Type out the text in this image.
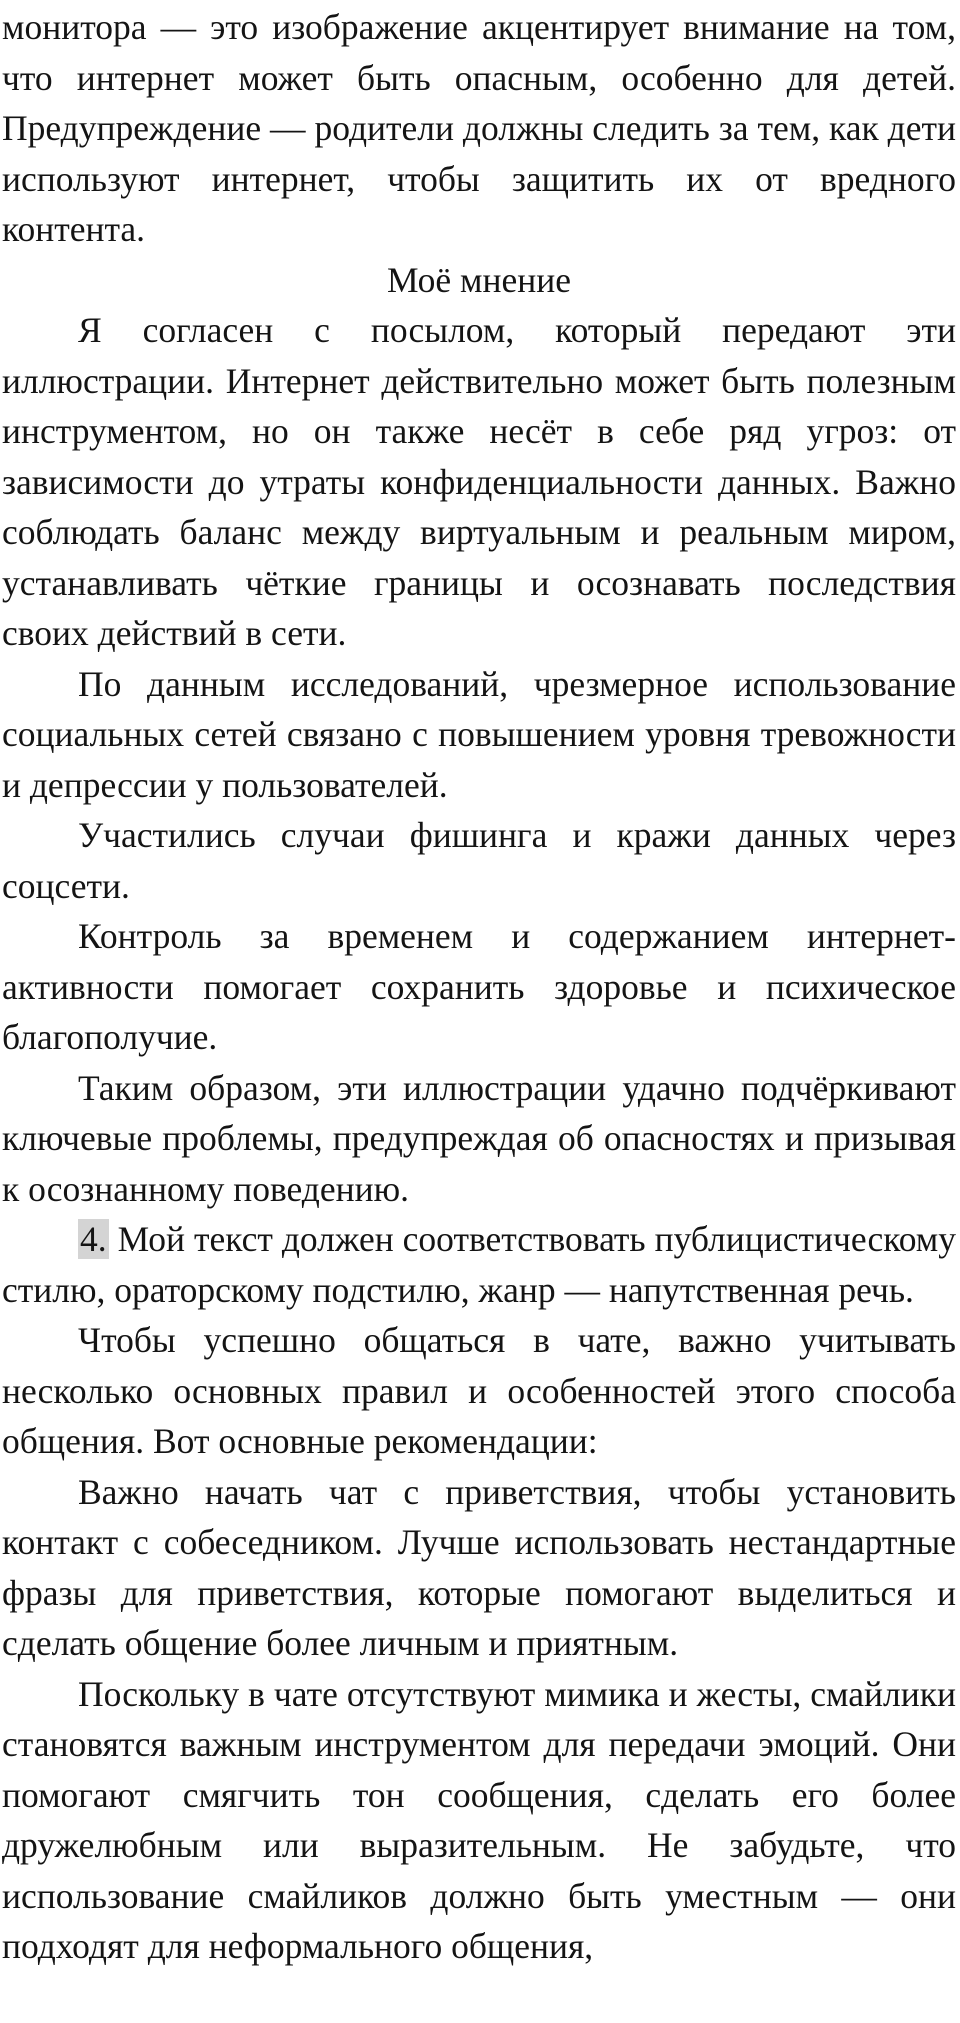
монитора — это изображение акцентирует внимание на том, что интернет может быть опасным, особенно для детей. Предупреждение — родители должны следить за тем, как дети используют интернет, чтобы защитить их от вредного контента.

Моё мнение

Я согласен с посылом, который передают эти иллюстрации. Интернет действительно может быть полезным инструментом, но он также несёт в себе ряд угроз: от зависимости до утраты конфиденциальности данных. Важно соблюдать баланс между виртуальным и реальным миром, устанавливать чёткие границы и осознавать последствия своих действий в сети.

По данным исследований, чрезмерное использование социальных сетей связано с повышением уровня тревожности и депрессии у пользователей.

Участились случаи фишинга и кражи данных через соцсети.

Контроль за временем и содержанием интернет-активности помогает сохранить здоровье и психическое благополучие.

Таким образом, эти иллюстрации удачно подчёркивают ключевые проблемы, предупреждая об опасностях и призывая к осознанному поведению.

4. Мой текст должен соответствовать публицистическому стилю, ораторскому подстилю, жанр — напутственная речь.

Чтобы успешно общаться в чате, важно учитывать несколько основных правил и особенностей этого способа общения. Вот основные рекомендации:

Важно начать чат с приветствия, чтобы установить контакт с собеседником. Лучше использовать нестандартные фразы для приветствия, которые помогают выделиться и сделать общение более личным и приятным.

Поскольку в чате отсутствуют мимика и жесты, смайлики становятся важным инструментом для передачи эмоций. Они помогают смягчить тон сообщения, сделать его более дружелюбным или выразительным. Не забудьте, что использование смайликов должно быть уместным — они подходят для неформального общения,
